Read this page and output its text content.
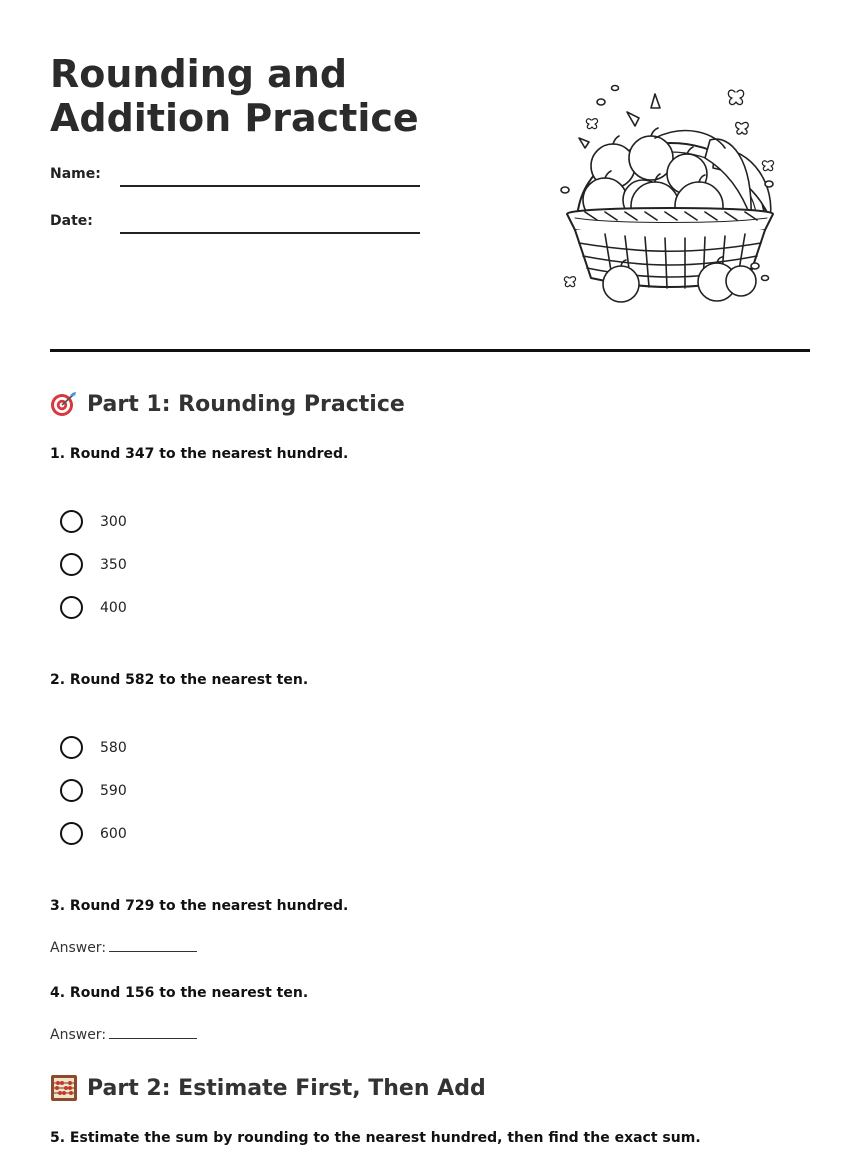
Rounding and Addition Practice
Name:
Date:
Part 1: Rounding Practice
1. Round 347 to the nearest hundred.
300
350
400
2. Round 582 to the nearest ten.
580
590
600
3. Round 729 to the nearest hundred.
Answer:
4. Round 156 to the nearest ten.
Answer:
Part 2: Estimate First, Then Add
5. Estimate the sum by rounding to the nearest hundred, then find the exact sum.
